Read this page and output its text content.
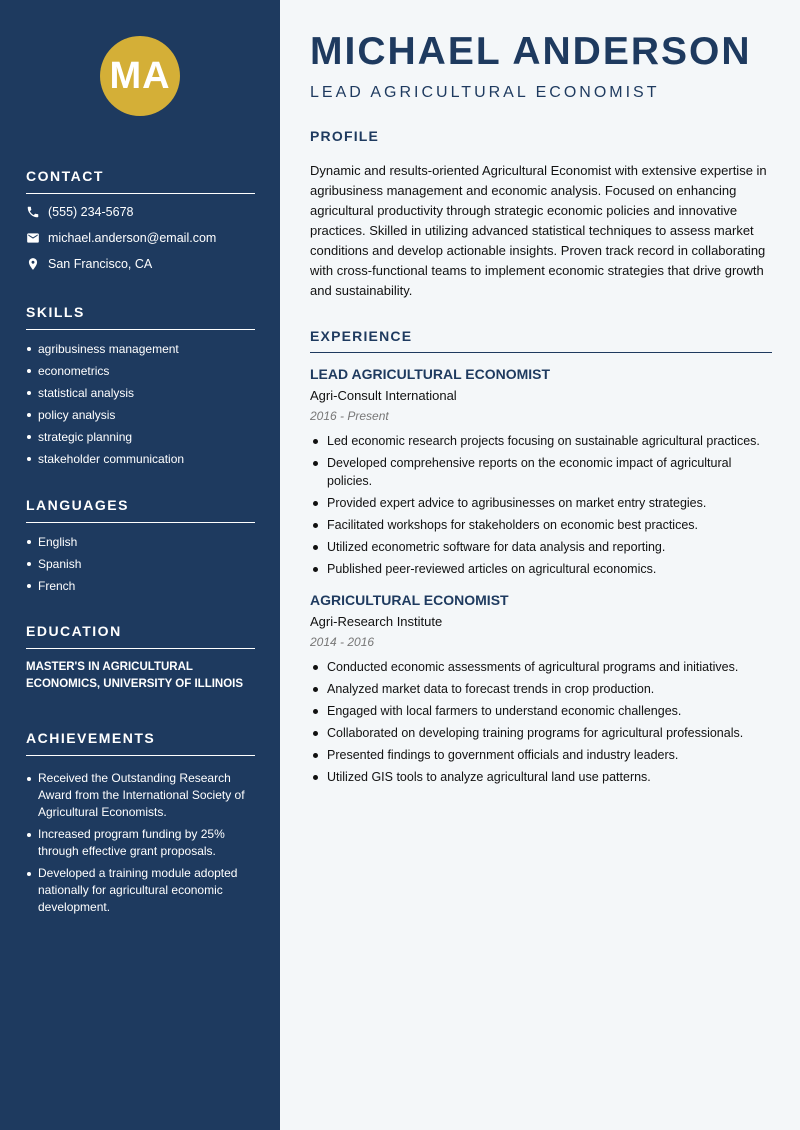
MA
CONTACT
(555) 234-5678
michael.anderson@email.com
San Francisco, CA
SKILLS
agribusiness management
econometrics
statistical analysis
policy analysis
strategic planning
stakeholder communication
LANGUAGES
English
Spanish
French
EDUCATION

MASTER'S IN AGRICULTURAL ECONOMICS, UNIVERSITY OF ILLINOIS

ACHIEVEMENTS
Received the Outstanding Research Award from the International Society of Agricultural Economists.
Increased program funding by 25% through effective grant proposals.
Developed a training module adopted nationally for agricultural economic development.
MICHAEL ANDERSON
LEAD AGRICULTURAL ECONOMIST
PROFILE

Dynamic and results-oriented Agricultural Economist with extensive expertise in agribusiness management and economic analysis. Focused on enhancing agricultural productivity through strategic economic policies and innovative practices. Skilled in utilizing advanced statistical techniques to assess market conditions and develop actionable insights. Proven track record in collaborating with cross-functional teams to implement economic strategies that drive growth and sustainability.

EXPERIENCE
LEAD AGRICULTURAL ECONOMIST
Agri-Consult International
2016 - Present
Led economic research projects focusing on sustainable agricultural practices.
Developed comprehensive reports on the economic impact of agricultural policies.
Provided expert advice to agribusinesses on market entry strategies.
Facilitated workshops for stakeholders on economic best practices.
Utilized econometric software for data analysis and reporting.
Published peer-reviewed articles on agricultural economics.
AGRICULTURAL ECONOMIST
Agri-Research Institute
2014 - 2016
Conducted economic assessments of agricultural programs and initiatives.
Analyzed market data to forecast trends in crop production.
Engaged with local farmers to understand economic challenges.
Collaborated on developing training programs for agricultural professionals.
Presented findings to government officials and industry leaders.
Utilized GIS tools to analyze agricultural land use patterns.
